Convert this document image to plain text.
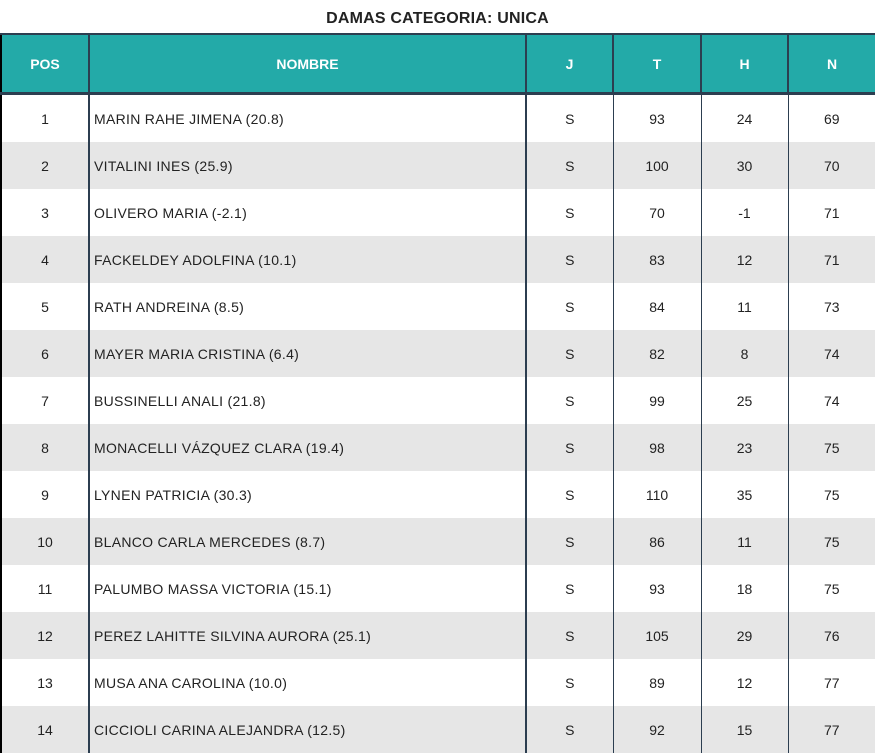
DAMAS CATEGORIA: UNICA
POS	NOMBRE	J	T	H	N
1	MARIN RAHE JIMENA (20.8)	S	93	24	69
2	VITALINI INES (25.9)	S	100	30	70
3	OLIVERO MARIA (-2.1)	S	70	-1	71
4	FACKELDEY ADOLFINA (10.1)	S	83	12	71
5	RATH ANDREINA (8.5)	S	84	11	73
6	MAYER MARIA CRISTINA (6.4)	S	82	8	74
7	BUSSINELLI ANALI (21.8)	S	99	25	74
8	MONACELLI VÁZQUEZ CLARA (19.4)	S	98	23	75
9	LYNEN PATRICIA (30.3)	S	110	35	75
10	BLANCO CARLA MERCEDES (8.7)	S	86	11	75
11	PALUMBO MASSA VICTORIA (15.1)	S	93	18	75
12	PEREZ LAHITTE SILVINA AURORA (25.1)	S	105	29	76
13	MUSA ANA CAROLINA (10.0)	S	89	12	77
14	CICCIOLI CARINA ALEJANDRA (12.5)	S	92	15	77
